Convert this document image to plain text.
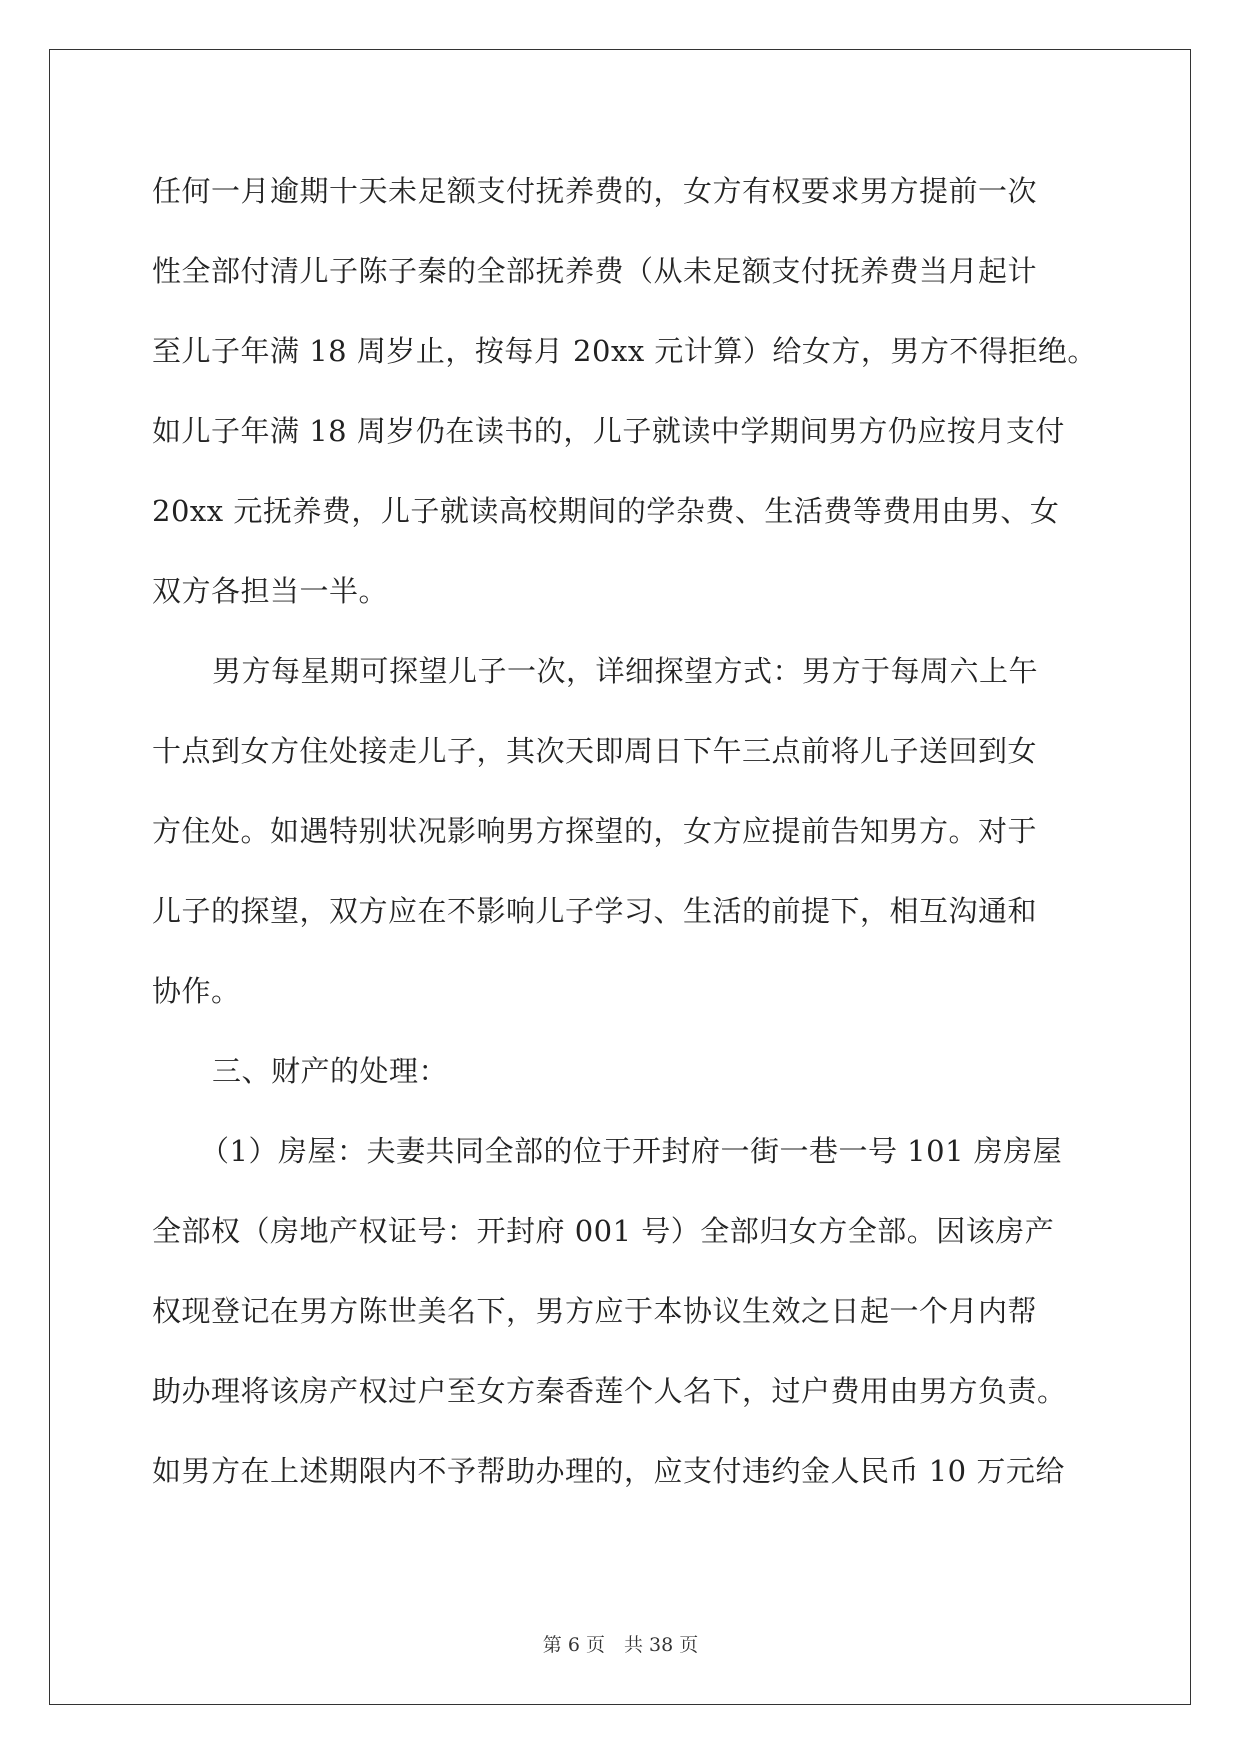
任何一月逾期十天未足额支付抚养费的，女方有权要求男方提前一次
性全部付清儿子陈子秦的全部抚养费（从未足额支付抚养费当月起计
至儿子年满 18 周岁止，按每月 20xx 元计算）给女方，男方不得拒绝。
如儿子年满 18 周岁仍在读书的，儿子就读中学期间男方仍应按月支付
20xx 元抚养费，儿子就读高校期间的学杂费、生活费等费用由男、女
双方各担当一半。
男方每星期可探望儿子一次，详细探望方式：男方于每周六上午
十点到女方住处接走儿子，其次天即周日下午三点前将儿子送回到女
方住处。如遇特别状况影响男方探望的，女方应提前告知男方。对于
儿子的探望，双方应在不影响儿子学习、生活的前提下，相互沟通和
协作。
三、财产的处理：
（1）房屋：夫妻共同全部的位于开封府一街一巷一号 101 房房屋
全部权（房地产权证号：开封府 001 号）全部归女方全部。因该房产
权现登记在男方陈世美名下，男方应于本协议生效之日起一个月内帮
助办理将该房产权过户至女方秦香莲个人名下，过户费用由男方负责。
如男方在上述期限内不予帮助办理的，应支付违约金人民币 10 万元给
第 6 页　共 38 页
